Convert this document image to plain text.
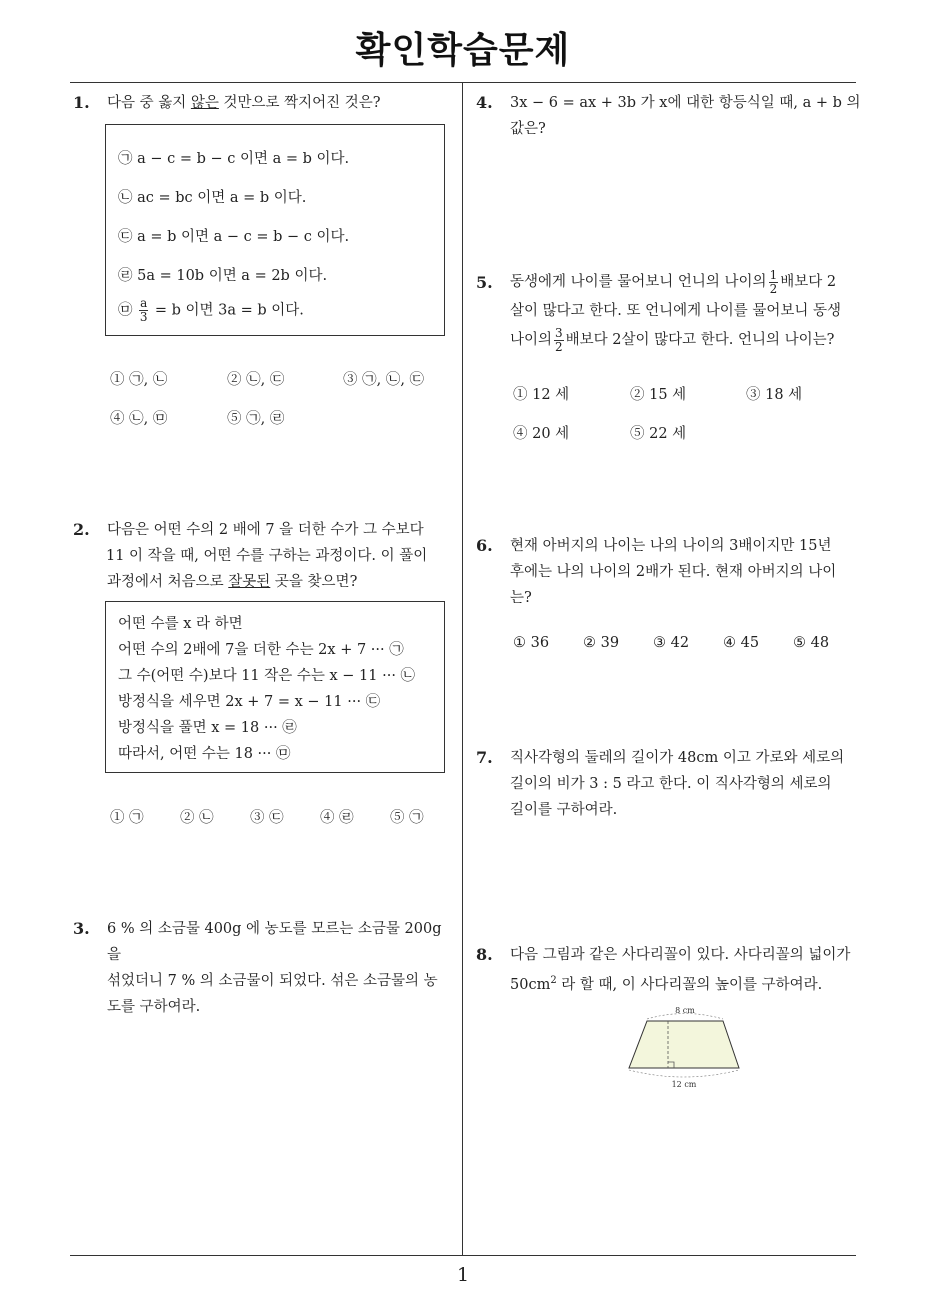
확인학습문제
1
1. 다음 중 옳지 않은 것만으로 짝지어진 것은?
㉠ a − c = b − c 이면 a = b 이다.
㉡ ac = bc 이면 a = b 이다.
㉢ a = b 이면 a − c = b − c 이다.
㉣ 5a = 10b 이면 a = 2b 이다.
㉤ $\frac{a}{3} = b$ 이면 3a = b 이다.
① ㉠, ㉡	② ㉡, ㉢	③ ㉠, ㉡, ㉢
④ ㉡, ㉤	⑤ ㉠, ㉣
2. 다음은 어떤 수의 2 배에 7 을 더한 수가 그 수보다
11 이 작을 때, 어떤 수를 구하는 과정이다. 이 풀이
과정에서 처음으로 잘못된 곳을 찾으면?
어떤 수를 x 라 하면
어떤 수의 2배에 7을 더한 수는 2x + 7 ··· ㉠
그 수(어떤 수)보다 11 작은 수는 x − 11 ··· ㉡
방정식을 세우면 2x + 7 = x − 11 ··· ㉢
방정식을 풀면 x = 18 ··· ㉣
따라서, 어떤 수는 18 ··· ㉤
① ㉠	② ㉡	③ ㉢	④ ㉣	⑤ ㉠
3. 6 % 의 소금물 400g 에 농도를 모르는 소금물 200g 을
섞었더니 7 % 의 소금물이 되었다. 섞은 소금물의 농
도를 구하여라.
4. 3x − 6 = ax + 3b 가 x에 대한 항등식일 때, a + b 의
값은?
5. 동생에게 나이를 물어보니 언니의 나이의 $\frac{1}{2}$ 배보다 2
살이 많다고 한다. 또 언니에게 나이를 물어보니 동생
나이의 $\frac{3}{2}$ 배보다 2살이 많다고 한다. 언니의 나이는?
① 12 세	② 15 세	③ 18 세
④ 20 세	⑤ 22 세
6. 현재 아버지의 나이는 나의 나이의 3배이지만 15년
후에는 나의 나이의 2배가 된다. 현재 아버지의 나이
는?
① 36 ② 39 ③ 42 ④ 45 ⑤ 48
7. 직사각형의 둘레의 길이가 48cm 이고 가로와 세로의
길이의 비가 3 : 5 라고 한다. 이 직사각형의 세로의
길이를 구하여라.
8. 다음 그림과 같은 사다리꼴이 있다. 사다리꼴의 넓이가
$50cm^2$ 라 할 때, 이 사다리꼴의 높이를 구하여라.
8 cm
12 cm
